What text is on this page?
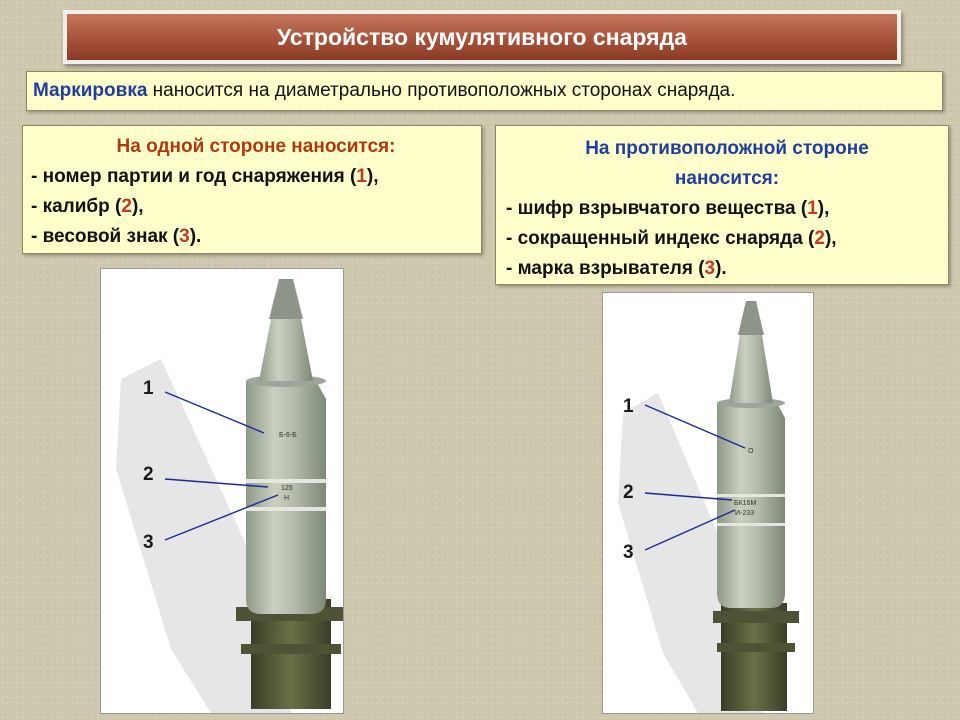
Устройство кумулятивного снаряда
Маркировка наносится на диаметрально противоположных сторонах снаряда.
На одной стороне наносится:
- номер партии и год снаряжения (1),
- калибр (2),
- весовой знак (3).
На противоположной стороне
наносится:
- шифр взрывчатого вещества (1),
- сокращенный индекс снаряда (2),
- марка взрывателя (3).
Б-6-Б
125
Н
О
БК16М
И-233
1
2
3
1
2
3
